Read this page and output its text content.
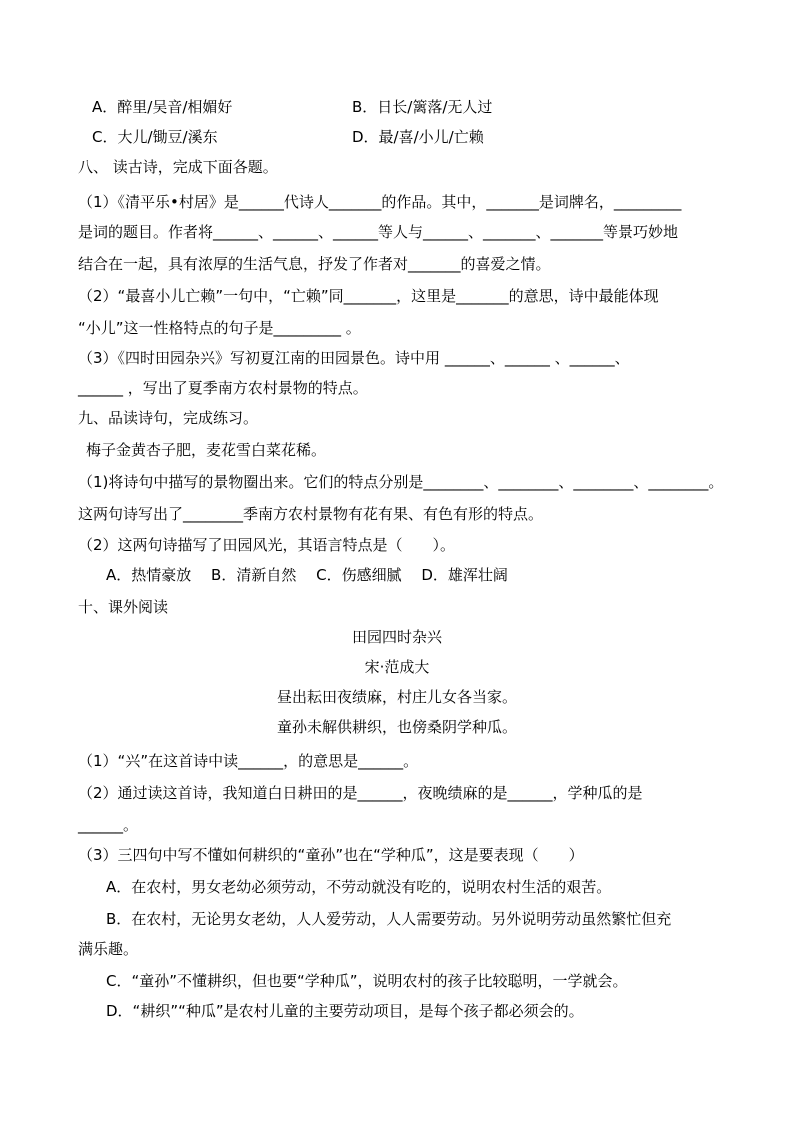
A．醉里/吴音/相媚好	B．日长/篱落/无人过
C．大儿/锄豆/溪东	D．最/喜/小儿/亡赖
八、 读古诗，完成下面各题。
（1）《清平乐•村居》是______代诗人_______的作品。其中，_______是词牌名，_________
是词的题目。作者将______、______、______等人与______、_______、_______等景巧妙地
结合在一起，具有浓厚的生活气息，抒发了作者对_______的喜爱之情。
（2）“最喜小儿亡赖”一句中，“亡赖”同_______，这里是_______的意思，诗中最能体现
“小儿”这一性格特点的句子是_________ 。
（3）《四时田园杂兴》写初夏江南的田园景色。诗中用 ______、______ 、______、
______ ，写出了夏季南方农村景物的特点。
九、品读诗句，完成练习。
梅子金黄杏子肥，麦花雪白菜花稀。
（1)将诗句中描写的景物圈出来。它们的特点分别是________、________、________、________。
这两句诗写出了________季南方农村景物有花有果、有色有形的特点。
（2）这两句诗描写了田园风光，其语言特点是（　　）。
A．热情豪放　 B．清新自然　 C．伤感细腻　 D．雄浑壮阔
十、课外阅读
田园四时杂兴
宋·范成大
昼出耘田夜绩麻，村庄儿女各当家。
童孙未解供耕织，也傍桑阴学种瓜。
（1）“兴”在这首诗中读______，的意思是______。
（2）通过读这首诗，我知道白日耕田的是______，夜晚绩麻的是______，学种瓜的是
______。
（3）三四句中写不懂如何耕织的“童孙”也在“学种瓜”，这是要表现（　　）
A．在农村，男女老幼必须劳动，不劳动就没有吃的，说明农村生活的艰苦。
B．在农村，无论男女老幼，人人爱劳动，人人需要劳动。另外说明劳动虽然繁忙但充
满乐趣。
C．“童孙”不懂耕织，但也要“学种瓜”，说明农村的孩子比较聪明，一学就会。
D．“耕织”“种瓜”是农村儿童的主要劳动项目，是每个孩子都必须会的。
